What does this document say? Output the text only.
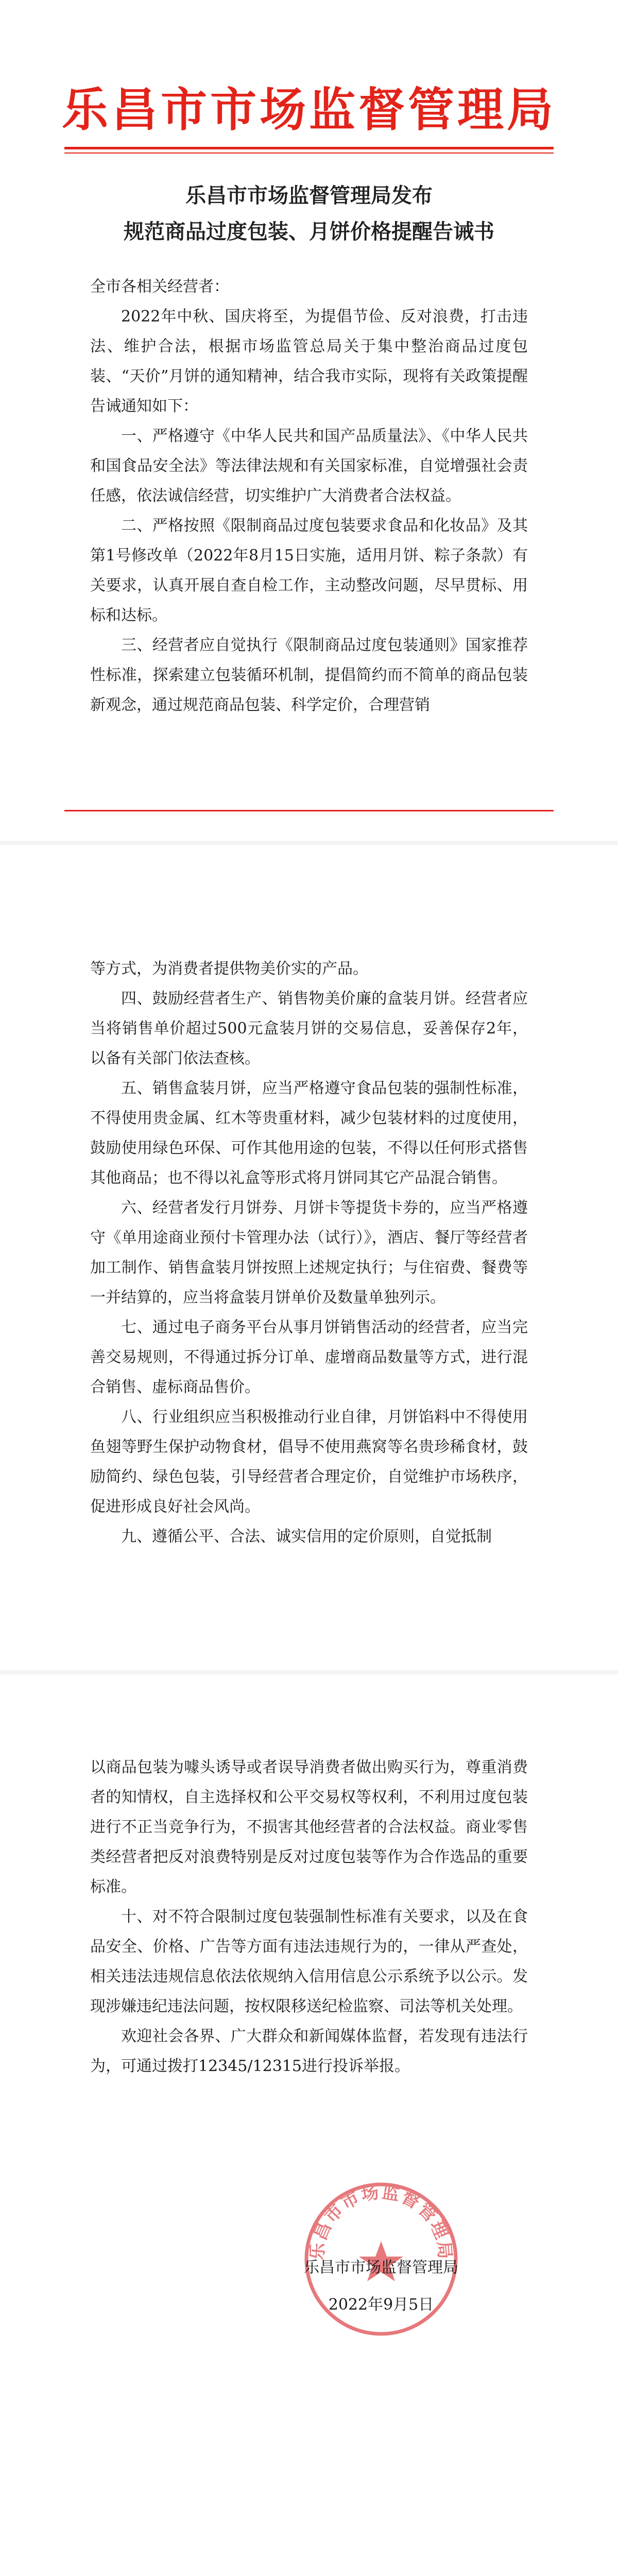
乐昌市市场监督管理局
乐昌市市场监督管理局发布
规范商品过度包装、月饼价格提醒告诫书

全市各相关经营者：

2022年中秋、国庆将至，为提倡节俭、反对浪费，打击违法、维护合法，根据市场监管总局关于集中整治商品过度包装、“天价”月饼的通知精神，结合我市实际，现将有关政策提醒告诫通知如下：

一、严格遵守《中华人民共和国产品质量法》、《中华人民共和国食品安全法》等法律法规和有关国家标准，自觉增强社会责任感，依法诚信经营，切实维护广大消费者合法权益。

二、严格按照《限制商品过度包装要求食品和化妆品》及其第1号修改单（2022年8月15日实施，适用月饼、粽子条款）有关要求，认真开展自查自检工作，主动整改问题，尽早贯标、用标和达标。

三、经营者应自觉执行《限制商品过度包装通则》国家推荐性标准，探索建立包装循环机制，提倡简约而不简单的商品包装新观念，通过规范商品包装、科学定价，合理营销

等方式，为消费者提供物美价实的产品。

四、鼓励经营者生产、销售物美价廉的盒装月饼。经营者应当将销售单价超过500元盒装月饼的交易信息，妥善保存2年，以备有关部门依法查核。

五、销售盒装月饼，应当严格遵守食品包装的强制性标准，不得使用贵金属、红木等贵重材料，减少包装材料的过度使用，鼓励使用绿色环保、可作其他用途的包装，不得以任何形式搭售其他商品；也不得以礼盒等形式将月饼同其它产品混合销售。

六、经营者发行月饼券、月饼卡等提货卡券的，应当严格遵守《单用途商业预付卡管理办法（试行）》，酒店、餐厅等经营者加工制作、销售盒装月饼按照上述规定执行；与住宿费、餐费等一并结算的，应当将盒装月饼单价及数量单独列示。

七、通过电子商务平台从事月饼销售活动的经营者，应当完善交易规则，不得通过拆分订单、虚增商品数量等方式，进行混合销售、虚标商品售价。

八、行业组织应当积极推动行业自律，月饼馅料中不得使用鱼翅等野生保护动物食材，倡导不使用燕窝等名贵珍稀食材，鼓励简约、绿色包装，引导经营者合理定价，自觉维护市场秩序，促进形成良好社会风尚。

九、遵循公平、合法、诚实信用的定价原则，自觉抵制

以商品包装为噱头诱导或者误导消费者做出购买行为，尊重消费者的知情权，自主选择权和公平交易权等权利，不利用过度包装进行不正当竞争行为，不损害其他经营者的合法权益。商业零售类经营者把反对浪费特别是反对过度包装等作为合作选品的重要标准。

十、对不符合限制过度包装强制性标准有关要求，以及在食品安全、价格、广告等方面有违法违规行为的，一律从严查处，相关违法违规信息依法依规纳入信用信息公示系统予以公示。发现涉嫌违纪违法问题，按权限移送纪检监察、司法等机关处理。

欢迎社会各界、广大群众和新闻媒体监督，若发现有违法行为，可通过拨打12345/12315进行投诉举报。

乐昌市市场监督管理局
乐昌市市场监督管理局
2022年9月5日
